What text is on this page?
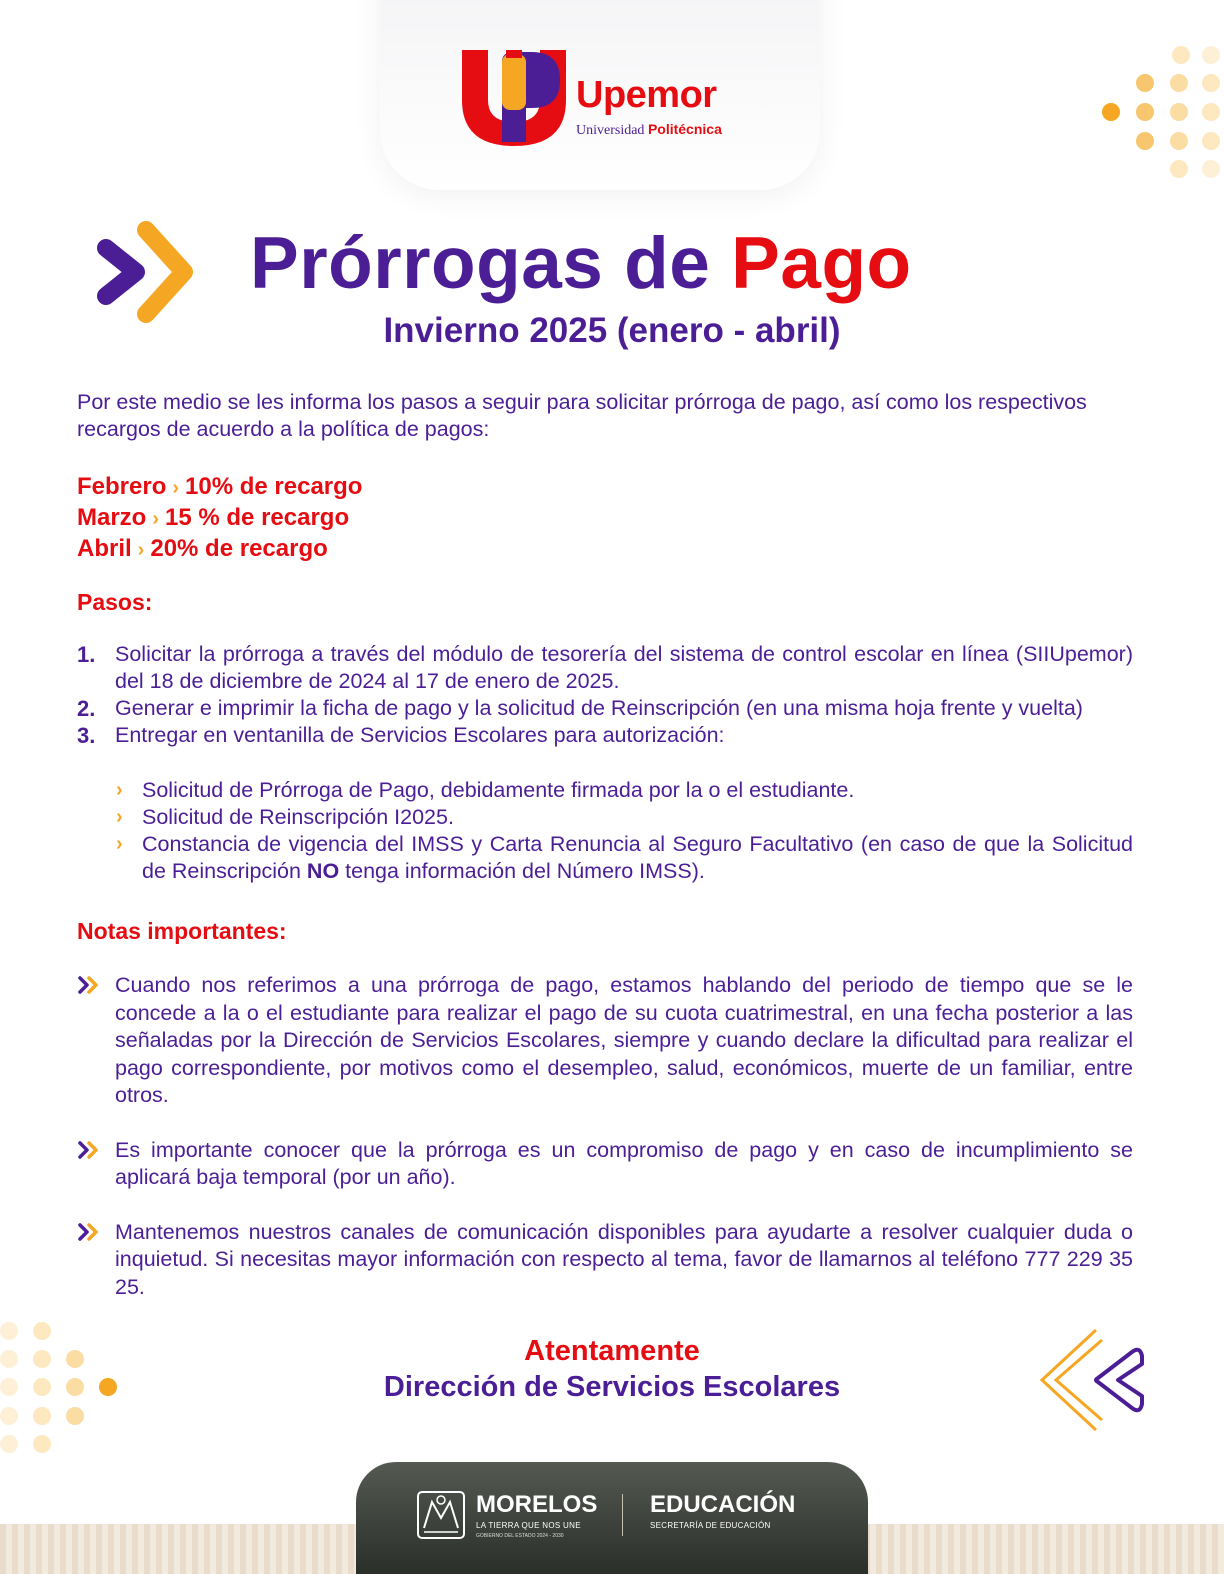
Upemor
Universidad Politécnica
Prórrogas de Pago
Invierno 2025 (enero - abril)
Por este medio se les informa los pasos a seguir para solicitar prórroga de pago, así como los respectivos recargos de acuerdo a la política de pagos:
Febrero › 10% de recargo
Marzo › 15 % de recargo
Abril › 20% de recargo
Pasos:
1. Solicitar la prórroga a través del módulo de tesorería del sistema de control escolar en línea (SIIUpemor) del 18 de diciembre de 2024 al 17 de enero de 2025.
2. Generar e imprimir la ficha de pago y la solicitud de Reinscripción (en una misma hoja frente y vuelta)
3. Entregar en ventanilla de Servicios Escolares para autorización:
› Solicitud de Prórroga de Pago, debidamente firmada por la o el estudiante.
› Solicitud de Reinscripción I2025.
› Constancia de vigencia del IMSS y Carta Renuncia al Seguro Facultativo (en caso de que la Solicitud de Reinscripción NO tenga información del Número IMSS).
Notas importantes:
Cuando nos referimos a una prórroga de pago, estamos hablando del periodo de tiempo que se le concede a la o el estudiante para realizar el pago de su cuota cuatrimestral, en una fecha posterior a las señaladas por la Dirección de Servicios Escolares, siempre y cuando declare la dificultad para realizar el pago correspondiente, por motivos como el desempleo, salud, económicos, muerte de un familiar, entre otros.
Es importante conocer que la prórroga es un compromiso de pago y en caso de incumplimiento se aplicará baja temporal (por un año).
Mantenemos nuestros canales de comunicación disponibles para ayudarte a resolver cualquier duda o inquietud. Si necesitas mayor información con respecto al tema, favor de llamarnos al teléfono 777 229 35 25.
Atentamente
Dirección de Servicios Escolares
MORELOS
LA TIERRA QUE NOS UNE
GOBIERNO DEL ESTADO 2024 - 2030
EDUCACIÓN
SECRETARÍA DE EDUCACIÓN
